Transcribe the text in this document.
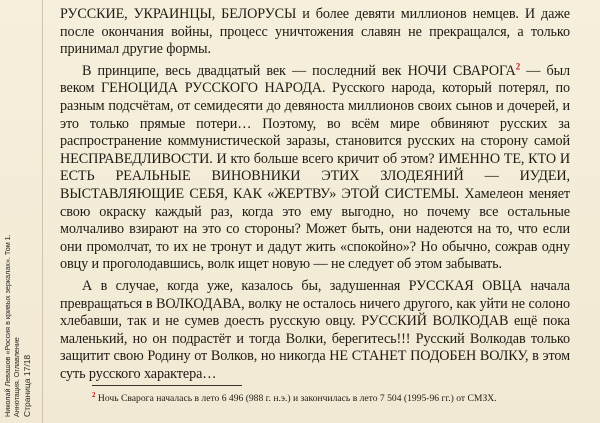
Николай Левашов «Россия в кривых зеркалах». Том 1. Аннотация. Оглавление Страница 17/18

РУССКИЕ, УКРАИНЦЫ, БЕЛОРУСЫ и более девяти миллионов немцев. И даже после окончания войны, процесс уничтожения славян не прекращался, а только принимал другие формы.

В принципе, весь двадцатый век — последний век НОЧИ СВАРОГА$^2$ — был веком ГЕНОЦИДА РУССКОГО НАРОДА. Русского народа, который потерял, по разным подсчётам, от семидесяти до девяноста миллионов своих сынов и дочерей, и это только прямые потери… Поэтому, во всём мире обвиняют русских за распространение коммунистической заразы, становится русских на сторону самой НЕСПРАВЕДЛИВОСТИ. И кто больше всего кричит об этом? ИМЕННО ТЕ, КТО И ЕСТЬ РЕАЛЬНЫЕ ВИНОВНИКИ ЭТИХ ЗЛОДЕЯНИЙ — ИУДЕИ, ВЫСТАВЛЯЮЩИЕ СЕБЯ, КАК «ЖЕРТВУ» ЭТОЙ СИСТЕМЫ. Хамелеон меняет свою окраску каждый раз, когда это ему выгодно, но почему все остальные молчаливо взирают на это со стороны? Может быть, они надеются на то, что если они промолчат, то их не тронут и дадут жить «спокойно»? Но обычно, сожрав одну овцу и проголодавшись, волк ищет новую — не следует об этом забывать.

А в случае, когда уже, казалось бы, задушенная РУССКАЯ ОВЦА начала превращаться в ВОЛКОДАВА, волку не осталось ничего другого, как уйти не солоно хлебавши, так и не сумев доесть русскую овцу. РУССКИЙ ВОЛКОДАВ ещё пока маленький, но он подрастёт и тогда Волки, берегитесь!!! Русский Волкодав только защитит свою Родину от Волков, но никогда НЕ СТАНЕТ ПОДОБЕН ВОЛКУ, в этом суть русского характера…

$^2$ Ночь Сварога началась в лето 6 496 (988 г. н.э.) и закончилась в лето 7 504 (1995-96 гг.) от СМЗХ.
